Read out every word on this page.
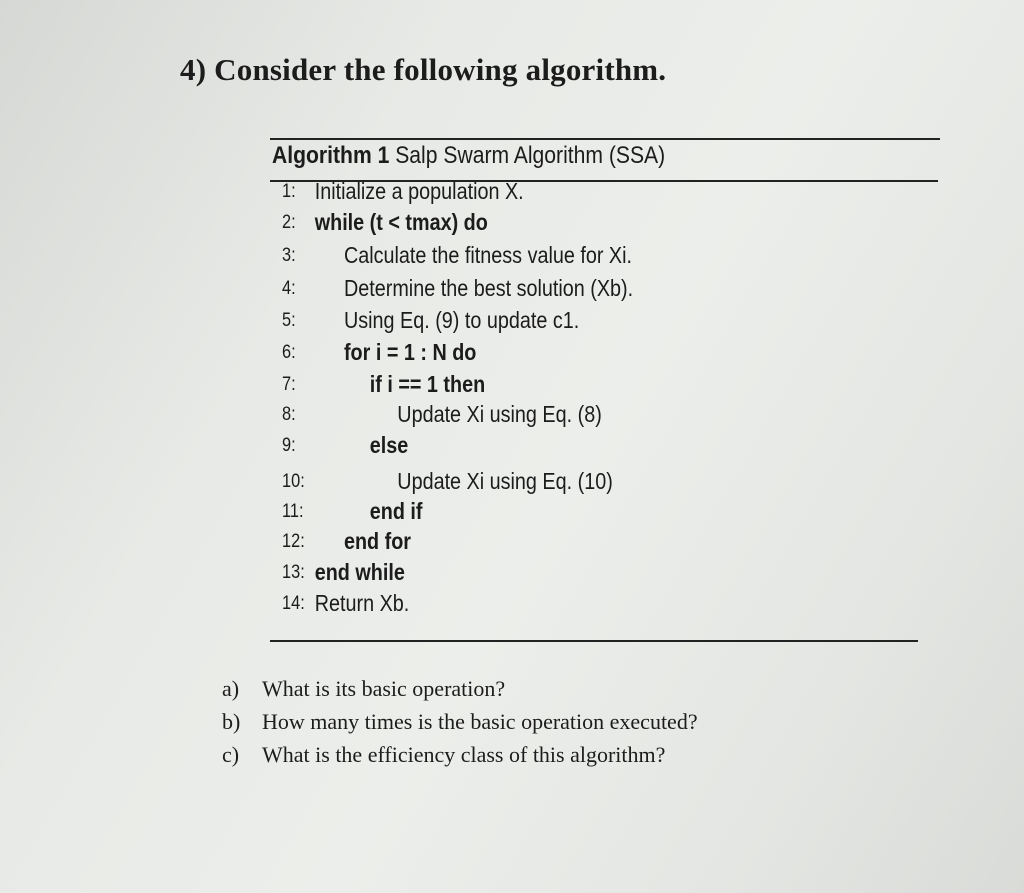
4) Consider the following algorithm.
Algorithm 1 Salp Swarm Algorithm (SSA)
1: Initialize a population X.
2: while (t < tmax) do
3:	Calculate the fitness value for Xi.
4:	Determine the best solution (Xb).
5:	Using Eq. (9) to update c1.
6:	for i = 1 : N do
7:	if i == 1 then
8:	Update Xi using Eq. (8)
9:	else
10:	Update Xi using Eq. (10)
11:	end if
12: end for
13: end while
14: Return Xb.
a) What is its basic operation?
b) How many times is the basic operation executed?
c) What is the efficiency class of this algorithm?
